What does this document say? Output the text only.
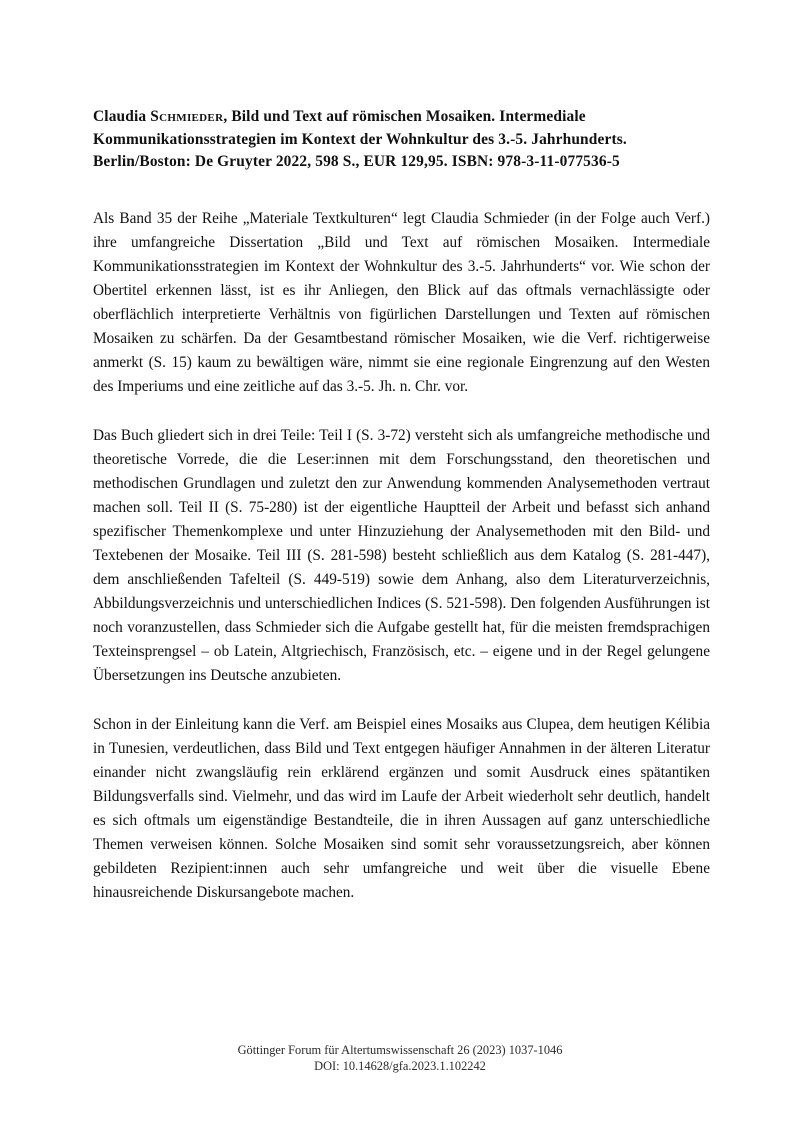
Claudia Schmieder, Bild und Text auf römischen Mosaiken. Intermediale
Kommunikationsstrategien im Kontext der Wohnkultur des 3.-5. Jahrhunderts.
Berlin/Boston: De Gruyter 2022, 598 S., EUR 129,95. ISBN: 978-3-11-077536-5

Als Band 35 der Reihe „Materiale Textkulturen“ legt Claudia Schmieder (in der Folge auch Verf.) ihre umfangreiche Dissertation „Bild und Text auf römischen Mosaiken. Intermediale Kommunikationsstrategien im Kontext der Wohnkultur des 3.-5. Jahrhunderts“ vor. Wie schon der Obertitel erkennen lässt, ist es ihr Anliegen, den Blick auf das oftmals vernachlässigte oder oberflächlich interpretierte Verhältnis von figürlichen Darstellungen und Texten auf römischen Mosaiken zu schärfen. Da der Gesamtbestand römischer Mosaiken, wie die Verf. richtigerweise anmerkt (S. 15) kaum zu bewältigen wäre, nimmt sie eine regionale Eingrenzung auf den Westen des Imperiums und eine zeitliche auf das 3.-5. Jh. n. Chr. vor.

Das Buch gliedert sich in drei Teile: Teil I (S. 3-72) versteht sich als umfangreiche methodische und theoretische Vorrede, die die Leser:innen mit dem Forschungsstand, den theoretischen und methodischen Grundlagen und zuletzt den zur Anwendung kommenden Analysemethoden vertraut machen soll. Teil II (S. 75-280) ist der eigentliche Hauptteil der Arbeit und befasst sich anhand spezifischer Themenkomplexe und unter Hinzuziehung der Analysemethoden mit den Bild- und Textebenen der Mosaike. Teil III (S. 281-598) besteht schließlich aus dem Katalog (S. 281-447), dem anschließenden Tafelteil (S. 449-519) sowie dem Anhang, also dem Literaturverzeichnis, Abbildungsverzeichnis und unterschiedlichen Indices (S. 521-598). Den folgenden Ausführungen ist noch voranzustellen, dass Schmieder sich die Aufgabe gestellt hat, für die meisten fremdsprachigen Texteinsprengsel – ob Latein, Altgriechisch, Französisch, etc. – eigene und in der Regel gelungene Übersetzungen ins Deutsche anzubieten.

Schon in der Einleitung kann die Verf. am Beispiel eines Mosaiks aus Clupea, dem heutigen Kélibia in Tunesien, verdeutlichen, dass Bild und Text entgegen häufiger Annahmen in der älteren Literatur einander nicht zwangsläufig rein erklärend ergänzen und somit Ausdruck eines spätantiken Bildungsverfalls sind. Vielmehr, und das wird im Laufe der Arbeit wiederholt sehr deutlich, handelt es sich oftmals um eigenständige Bestandteile, die in ihren Aussagen auf ganz unterschiedliche Themen verweisen können. Solche Mosaiken sind somit sehr voraussetzungsreich, aber können gebildeten Rezipient:innen auch sehr umfangreiche und weit über die visuelle Ebene hinausreichende Diskursangebote machen.

Göttinger Forum für Altertumswissenschaft 26 (2023) 1037-1046
DOI: 10.14628/gfa.2023.1.102242
